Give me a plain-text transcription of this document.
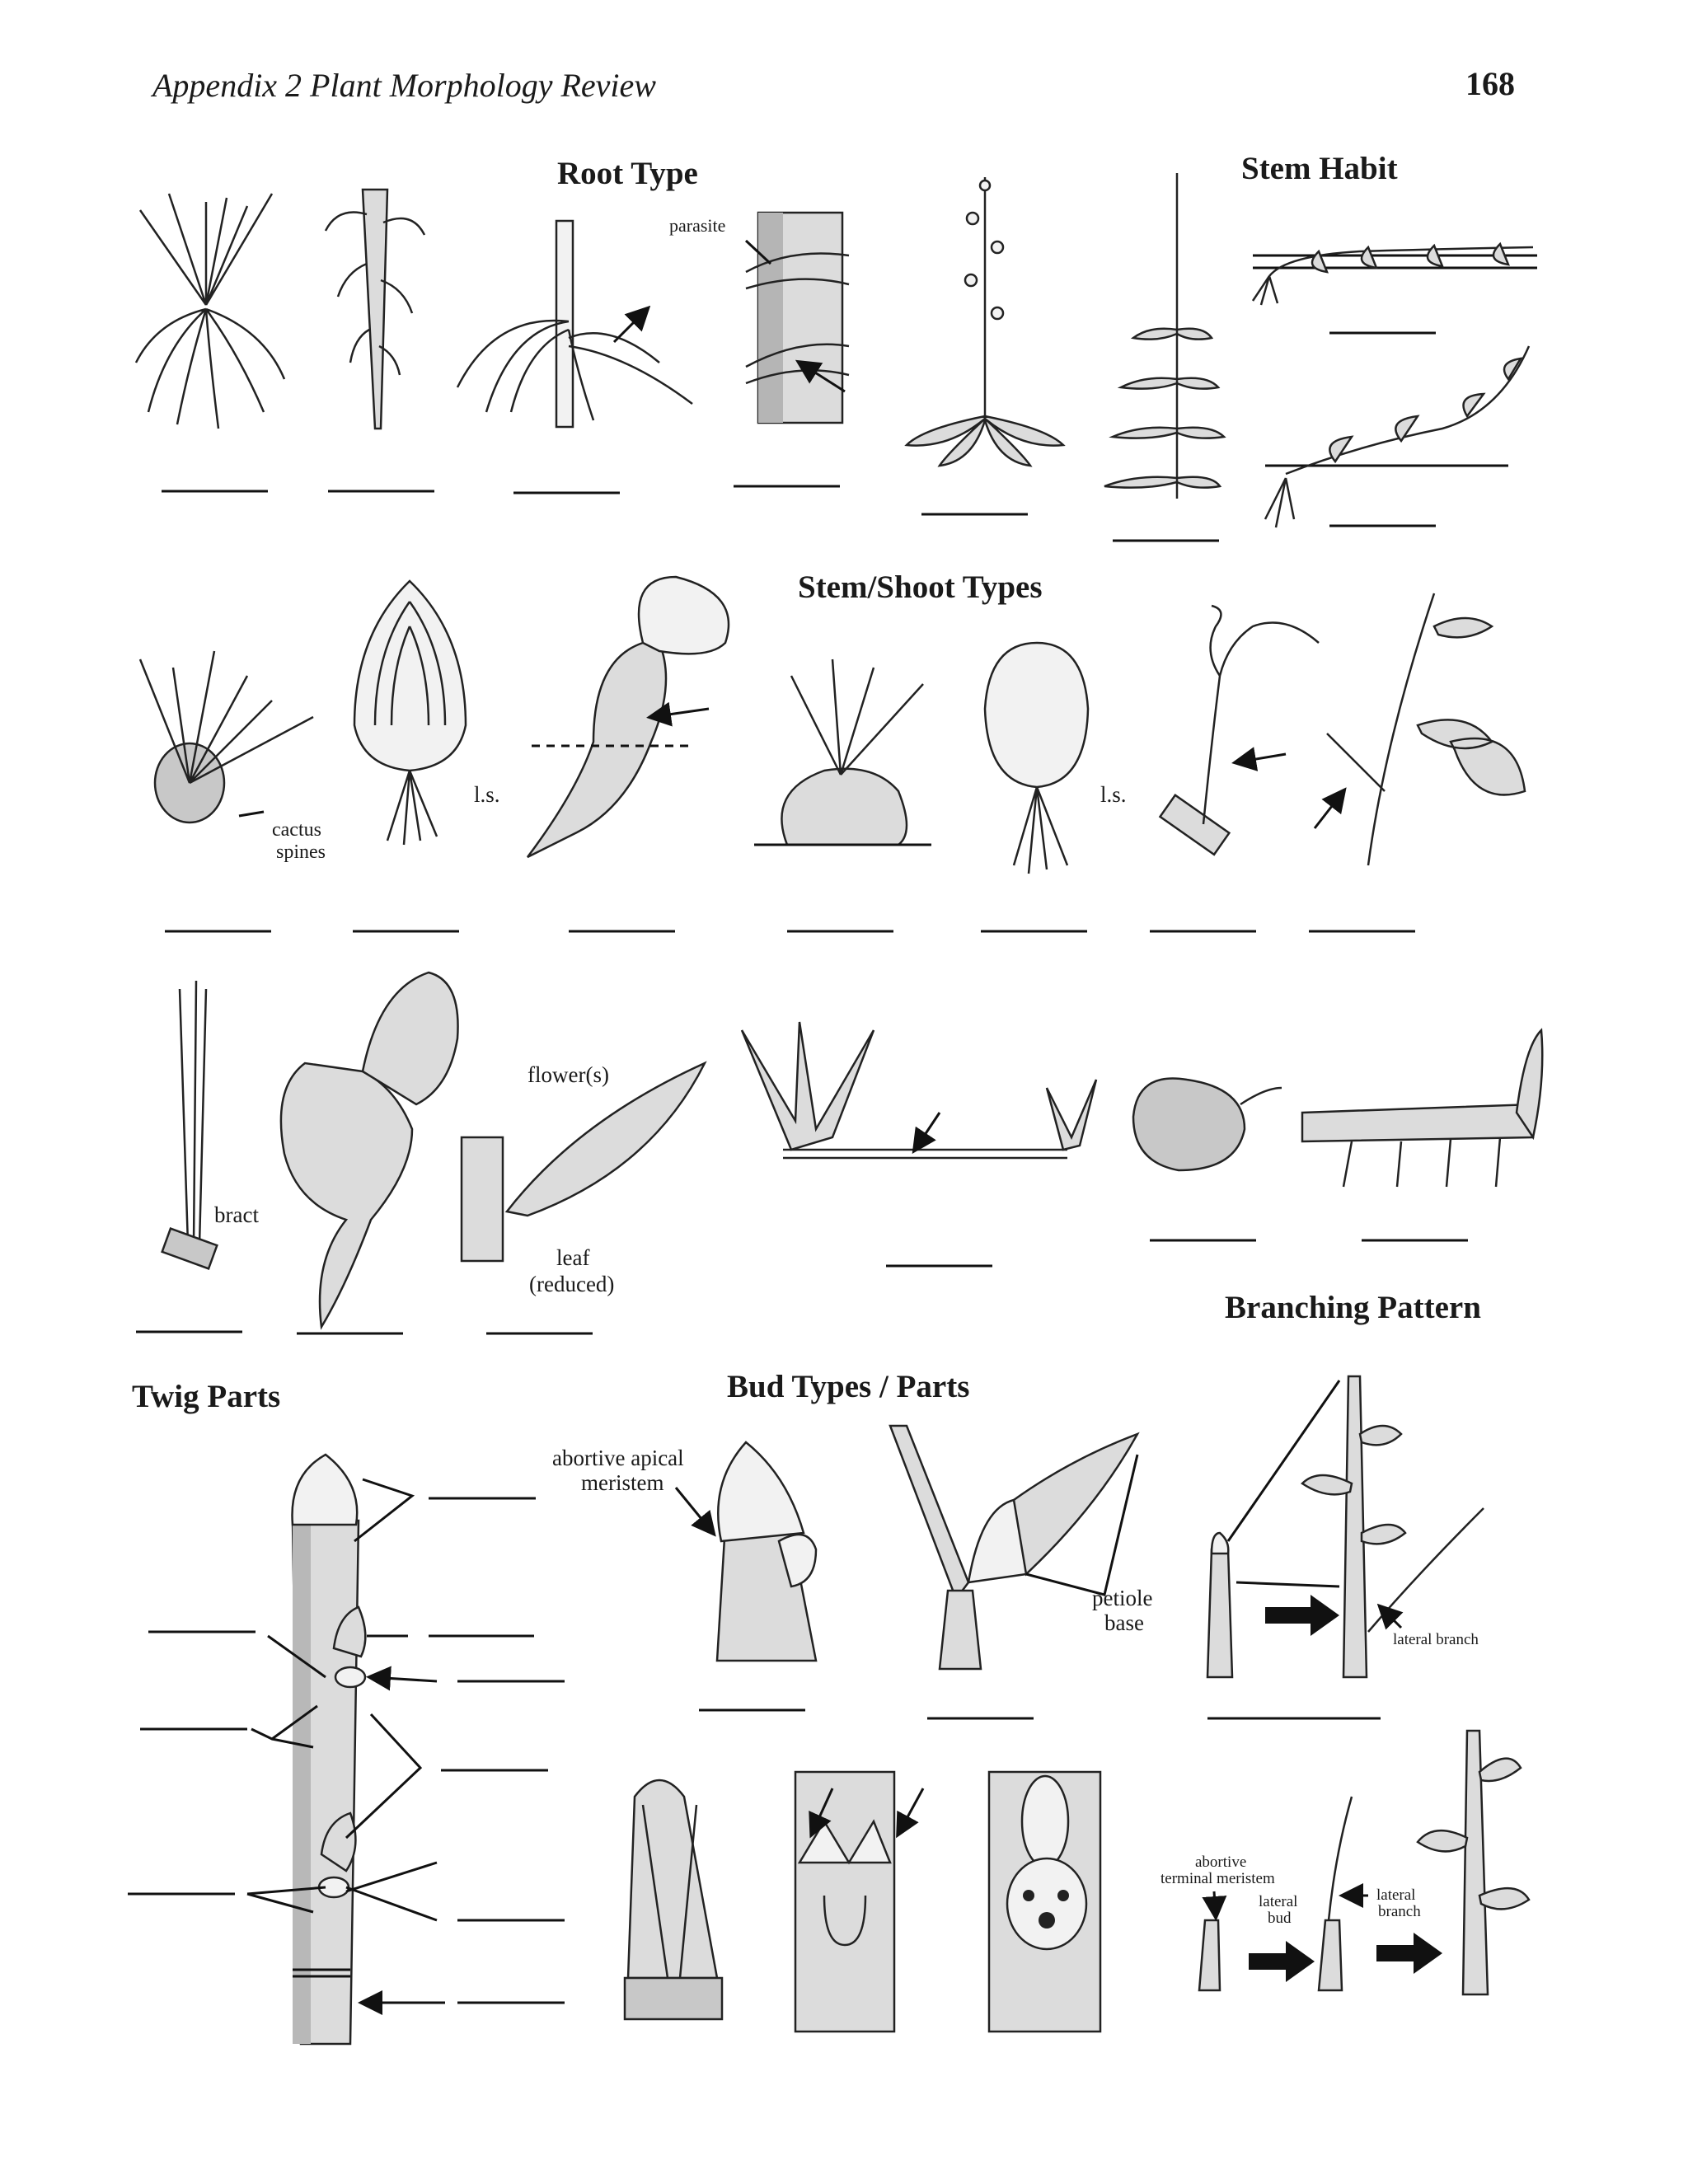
Appendix 2 Plant Morphology Review	168
Root Type	Stem Habit
Stem/Shoot Types
Branching Pattern
Twig Parts	Bud Types / Parts
parasite
l.s.	l.s.
cactus
spines
flower(s)
bract
leaf
(reduced)
abortive apical
meristem
petiole
base
lateral branch
abortive
terminal meristem
lateral
bud
lateral
branch
